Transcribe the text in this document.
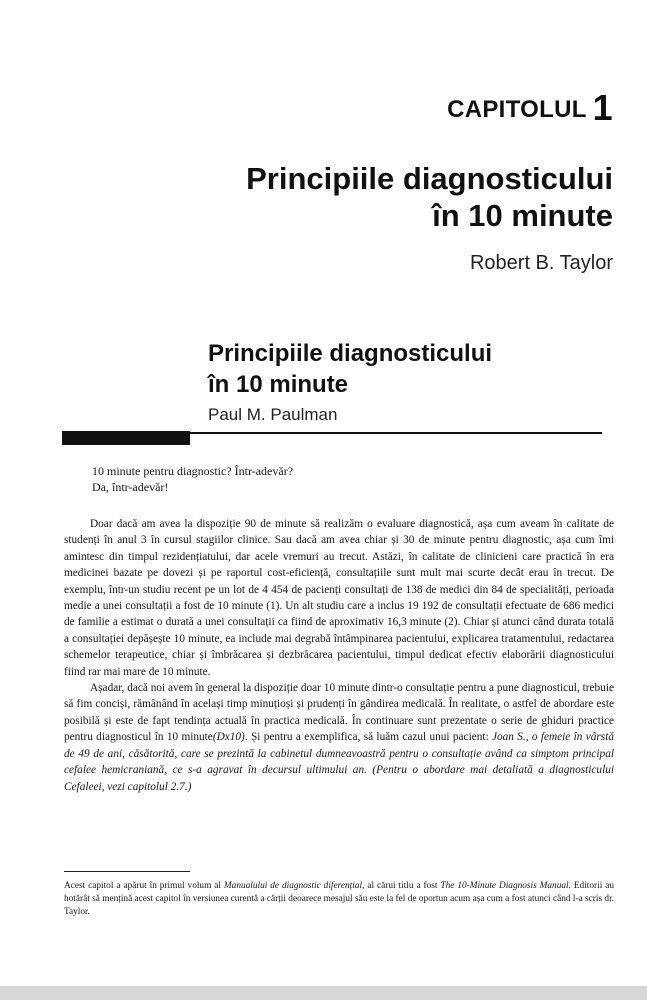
CAPITOLUL 1
Principiile diagnosticului
în 10 minute

Robert B. Taylor

Principiile diagnosticului
în 10 minute

Paul M. Paulman

10 minute pentru diagnostic? Într-adevăr?

Da, într-adevăr!

Doar dacă am avea la dispoziție 90 de minute să realizăm o evaluare diagnostică, așa cum aveam în calitate de studenți în anul 3 în cursul stagiilor clinice. Sau dacă am avea chiar și 30 de minute pentru diagnostic, așa cum îmi amintesc din timpul rezidențiatului, dar acele vremuri au trecut. Astăzi, în calitate de clinicieni care practică în era medicinei bazate pe dovezi și pe raportul cost-eficiență, consultațiile sunt mult mai scurte decât erau în trecut. De exemplu, într-un studiu recent pe un lot de 4 454 de pacienți consultați de 138 de medici din 84 de specialități, perioada medie a unei consultații a fost de 10 minute (1). Un alt studiu care a inclus 19 192 de consultații efectuate de 686 medici de familie a estimat o durată a unei consultații ca fiind de aproximativ 16,3 minute (2). Chiar și atunci când durata totală a consultației depășește 10 minute, ea include mai degrabă întâmpinarea pacientului, explicarea tratamentului, redactarea schemelor terapeutice, chiar și îmbrăcarea și dezbrăcarea pacientului, timpul dedicat efectiv elaborării diagnosticului fiind rar mai mare de 10 minute.

Așadar, dacă noi avem în general la dispoziție doar 10 minute dintr-o consultație pentru a pune diagnosticul, trebuie să fim conciși, rămânând în același timp minuțioși și prudenți în gândirea medicală. În realitate, o astfel de abordare este posibilă și este de fapt tendința actuală în practica medicală. În continuare sunt prezentate o serie de ghiduri practice pentru diagnosticul în 10 minute(Dx10). Și pentru a exemplifica, să luăm cazul unui pacient: Joan S., o femeie în vârstă de 49 de ani, căsătorită, care se prezintă la cabinetul dumneavoastră pentru o consultație având ca simptom principal cefalee hemicraniană, ce s-a agravat în decursul ultimului an. (Pentru o abordare mai detaliată a diagnosticului Cefaleei, vezi capitolul 2.7.)

Acest capitol a apărut în primul volum al Manualului de diagnostic diferențial, al cărui titlu a fost The 10-Minute Diagnosis Manual. Editorii au hotărât să mențină acest capitol în versiunea curentă a cărții deoarece mesajul său este la fel de oportun acum așa cum a fost atunci când l-a scris dr. Taylor.
